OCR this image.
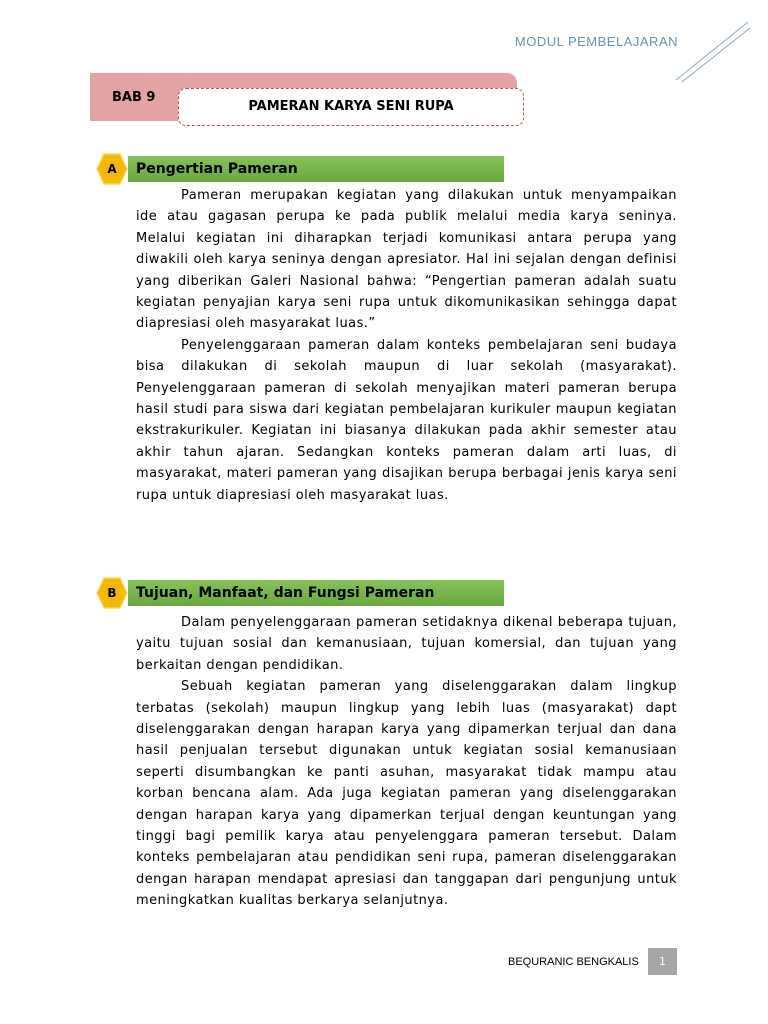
MODUL PEMBELAJARAN
BAB 9
PAMERAN KARYA SENI RUPA
Pengertian Pameran
A

Pameran merupakan kegiatan yang dilakukan untuk menyampaikan ide atau gagasan perupa ke pada publik melalui media karya seninya. Melalui kegiatan ini diharapkan terjadi komunikasi antara perupa yang diwakili oleh karya seninya dengan apresiator. Hal ini sejalan dengan definisi yang diberikan Galeri Nasional bahwa: “Pengertian pameran adalah suatu kegiatan penyajian karya seni rupa untuk dikomunikasikan sehingga dapat diapresiasi oleh masyarakat luas.”

Penyelenggaraan pameran dalam konteks pembelajaran seni budaya bisa dilakukan di sekolah maupun di luar sekolah (masyarakat). Penyelenggaraan pameran di sekolah menyajikan materi pameran berupa hasil studi para siswa dari kegiatan pembelajaran kurikuler maupun kegiatan ekstrakurikuler. Kegiatan ini biasanya dilakukan pada akhir semester atau akhir tahun ajaran. Sedangkan konteks pameran dalam arti luas, di masyarakat, materi pameran yang disajikan berupa berbagai jenis karya seni rupa untuk diapresiasi oleh masyarakat luas.

Tujuan, Manfaat, dan Fungsi Pameran
B

Dalam penyelenggaraan pameran setidaknya dikenal beberapa tujuan, yaitu tujuan sosial dan kemanusiaan, tujuan komersial, dan tujuan yang berkaitan dengan pendidikan.

Sebuah kegiatan pameran yang diselenggarakan dalam lingkup terbatas (sekolah) maupun lingkup yang lebih luas (masyarakat) dapt diselenggarakan dengan harapan karya yang dipamerkan terjual dan dana hasil penjualan tersebut digunakan untuk kegiatan sosial kemanusiaan seperti disumbangkan ke panti asuhan, masyarakat tidak mampu atau korban bencana alam. Ada juga kegiatan pameran yang diselenggarakan dengan harapan karya yang dipamerkan terjual dengan keuntungan yang tinggi bagi pemilik karya atau penyelenggara pameran tersebut. Dalam konteks pembelajaran atau pendidikan seni rupa, pameran diselenggarakan dengan harapan mendapat apresiasi dan tanggapan dari pengunjung untuk meningkatkan kualitas berkarya selanjutnya.

BEQURANIC BENGKALIS	1
